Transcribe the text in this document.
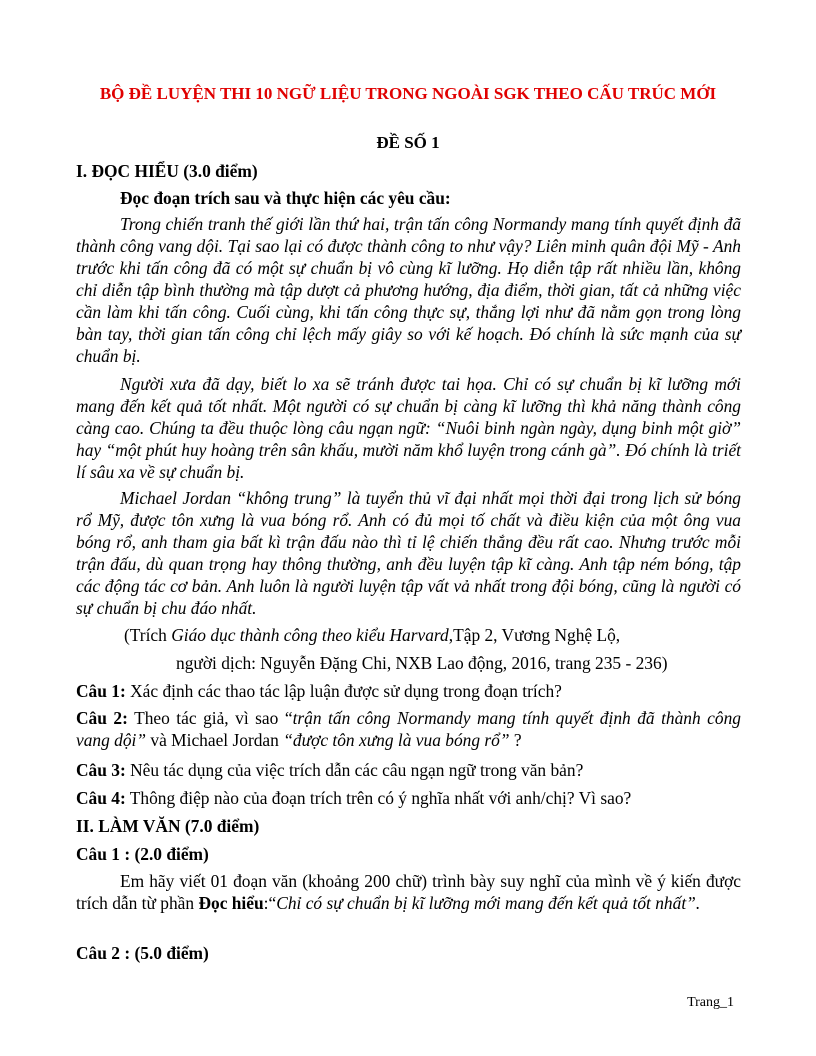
BỘ ĐỀ LUYỆN THI 10 NGỮ LIỆU TRONG NGOÀI SGK THEO CẤU TRÚC MỚI
ĐỀ SỐ 1
I. ĐỌC HIỂU (3.0 điểm)
Đọc đoạn trích sau và thực hiện các yêu cầu:
Trong chiến tranh thế giới lần thứ hai, trận tấn công Normandy mang tính quyết định đã thành công vang dội. Tại sao lại có được thành công to như vậy? Liên minh quân đội Mỹ - Anh trước khi tấn công đã có một sự chuẩn bị vô cùng kĩ lưỡng. Họ diễn tập rất nhiều lần, không chỉ diễn tập bình thường mà tập dượt cả phương hướng, địa điểm, thời gian, tất cả những việc cần làm khi tấn công. Cuối cùng, khi tấn công thực sự, thắng lợi như đã nằm gọn trong lòng bàn tay, thời gian tấn công chỉ lệch mấy giây so với kế hoạch. Đó chính là sức mạnh của sự chuẩn bị.
Người xưa đã dạy, biết lo xa sẽ tránh được tai họa. Chỉ có sự chuẩn bị kĩ lưỡng mới mang đến kết quả tốt nhất. Một người có sự chuẩn bị càng kĩ lưỡng thì khả năng thành công càng cao. Chúng ta đều thuộc lòng câu ngạn ngữ: “Nuôi binh ngàn ngày, dụng binh một giờ” hay “một phút huy hoàng trên sân khấu, mười năm khổ luyện trong cánh gà”. Đó chính là triết lí sâu xa về sự chuẩn bị.
Michael Jordan “không trung” là tuyển thủ vĩ đại nhất mọi thời đại trong lịch sử bóng rổ Mỹ, được tôn xưng là vua bóng rổ. Anh có đủ mọi tố chất và điều kiện của một ông vua bóng rổ, anh tham gia bất kì trận đấu nào thì tỉ lệ chiến thắng đều rất cao. Nhưng trước mỗi trận đấu, dù quan trọng hay thông thường, anh đều luyện tập kĩ càng. Anh tập ném bóng, tập các động tác cơ bản. Anh luôn là người luyện tập vất vả nhất trong đội bóng, cũng là người có sự chuẩn bị chu đáo nhất.
(Trích Giáo dục thành công theo kiểu Harvard,Tập 2, Vương Nghệ Lộ,
người dịch: Nguyễn Đặng Chi, NXB Lao động, 2016, trang 235 - 236)
Câu 1: Xác định các thao tác lập luận được sử dụng trong đoạn trích?
Câu 2: Theo tác giả, vì sao “trận tấn công Normandy mang tính quyết định đã thành công vang dội” và Michael Jordan “được tôn xưng là vua bóng rổ” ?
Câu 3: Nêu tác dụng của việc trích dẫn các câu ngạn ngữ trong văn bản?
Câu 4: Thông điệp nào của đoạn trích trên có ý nghĩa nhất với anh/chị? Vì sao?
II. LÀM VĂN (7.0 điểm)
Câu 1 : (2.0 điểm)
Em hãy viết 01 đoạn văn (khoảng 200 chữ) trình bày suy nghĩ của mình về ý kiến được trích dẫn từ phần Đọc hiểu:“Chỉ có sự chuẩn bị kĩ lưỡng mới mang đến kết quả tốt nhất”.
Câu 2 : (5.0 điểm)
Trang_1
